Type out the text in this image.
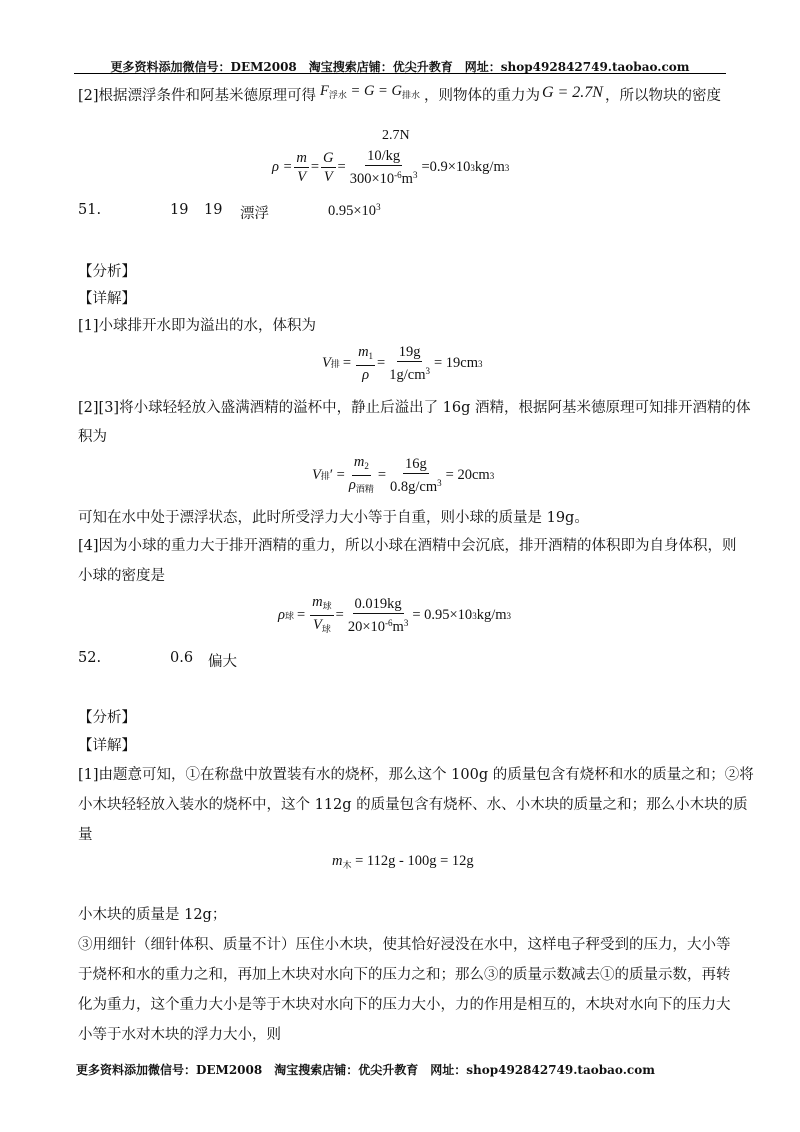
更多资料添加微信号：DEM2008　淘宝搜索店铺：优尖升教育　网址：shop492842749.taobao.com
[2]根据漂浮条件和阿基米德原理可得 $F_{浮水} = G = G_{排水}$ ，则物体的重力为 G = 2.7N ，所以物块的密度
2.7N
$\rho = \frac{m}{V} = \frac{G}{V} = \frac{10/kg}{300\times 10^{-6}m^3} =0.9\times 10$ 3 kg/m 3
51.	19 19 漂浮	$0.95\times 10^3$
【分析】
【详解】
[1]小球排开水即为溢出的水，体积为
V 排 = $\frac{m_1}{\rho} = \frac{19g}{1g/cm^3} = 19cm$ 3
[2][3]将小球轻轻放入盛满酒精的溢杯中，静止后溢出了 16g 酒精，根据阿基米德原理可知排开酒精的体
积为
V 排 ′ = $\frac{m_2}{\rho_{酒精}} = \frac{16g}{0.8g/cm^3} = 20cm$ 3
可知在水中处于漂浮状态，此时所受浮力大小等于自重，则小球的质量是 19g。
[4]因为小球的重力大于排开酒精的重力，所以小球在酒精中会沉底，排开酒精的体积即为自身体积，则
小球的密度是
ρ 球 = $\frac{m_球}{V_球} = \frac{0.019kg}{20\times 10^{-6}m^3} = 0.95\times 10$ 3 kg/m 3
52.	0.6 偏大
【分析】
【详解】
[1]由题意可知，①在称盘中放置装有水的烧杯，那么这个 100g 的质量包含有烧杯和水的质量之和；②将
小木块轻轻放入装水的烧杯中，这个 112g 的质量包含有烧杯、水、小木块的质量之和；那么小木块的质
量
$m_木 = 112g - 100g = 12g$
小木块的质量是 12g；
③用细针（细针体积、质量不计）压住小木块，使其恰好浸没在水中，这样电子秤受到的压力，大小等
于烧杯和水的重力之和，再加上木块对水向下的压力之和；那么③的质量示数减去①的质量示数，再转
化为重力，这个重力大小是等于木块对水向下的压力大小，力的作用是相互的，木块对水向下的压力大
小等于水对木块的浮力大小，则
更多资料添加微信号：DEM2008　淘宝搜索店铺：优尖升教育　网址：shop492842749.taobao.com
